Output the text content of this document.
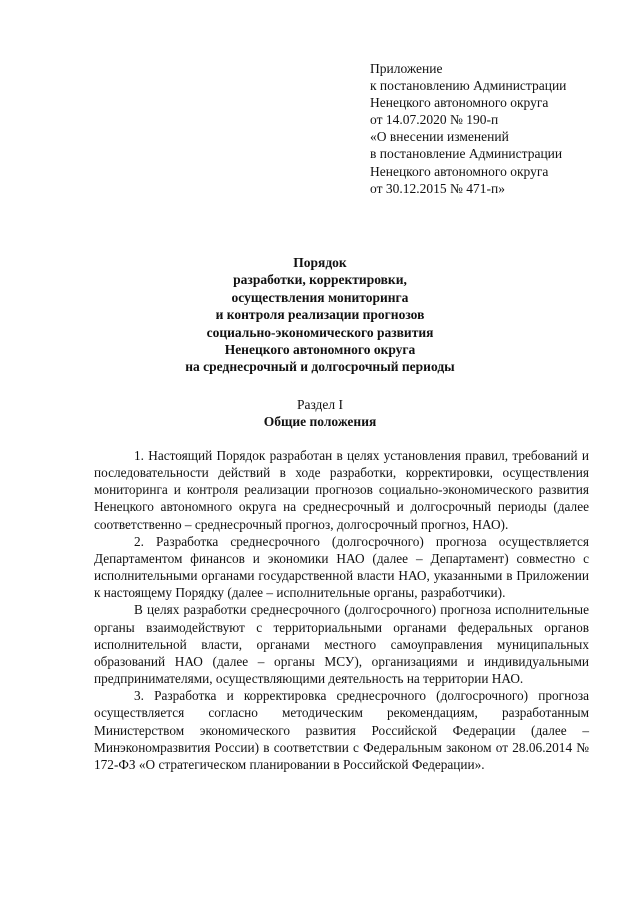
Приложение
к постановлению Администрации
Ненецкого автономного округа
от 14.07.2020 № 190-п
«О внесении изменений
в постановление Администрации
Ненецкого автономного округа
от 30.12.2015 № 471-п»
Порядок
разработки, корректировки,
осуществления мониторинга
и контроля реализации прогнозов
социально-экономического развития
Ненецкого автономного округа
на среднесрочный и долгосрочный периоды
Раздел I
Общие положения

1. Настоящий Порядок разработан в целях установления правил, требований и последовательности действий в ходе разработки, корректировки, осуществления мониторинга и контроля реализации прогнозов социально-экономического развития Ненецкого автономного округа на среднесрочный и долгосрочный периоды (далее соответственно – среднесрочный прогноз, долгосрочный прогноз, НАО).

2. Разработка среднесрочного (долгосрочного) прогноза осуществляется Департаментом финансов и экономики НАО (далее – Департамент) совместно с исполнительными органами государственной власти НАО, указанными в Приложении к настоящему Порядку (далее – исполнительные органы, разработчики).

В целях разработки среднесрочного (долгосрочного) прогноза исполнительные органы взаимодействуют с территориальными органами федеральных органов исполнительной власти, органами местного самоуправления муниципальных образований НАО (далее – органы МСУ), организациями и индивидуальными предпринимателями, осуществляющими деятельность на территории НАО.

3. Разработка и корректировка среднесрочного (долгосрочного) прогноза осуществляется согласно методическим рекомендациям, разработанным Министерством экономического развития Российской Федерации (далее – Минэкономразвития России) в соответствии с Федеральным законом от 28.06.2014 № 172-ФЗ «О стратегическом планировании в Российской Федерации».
